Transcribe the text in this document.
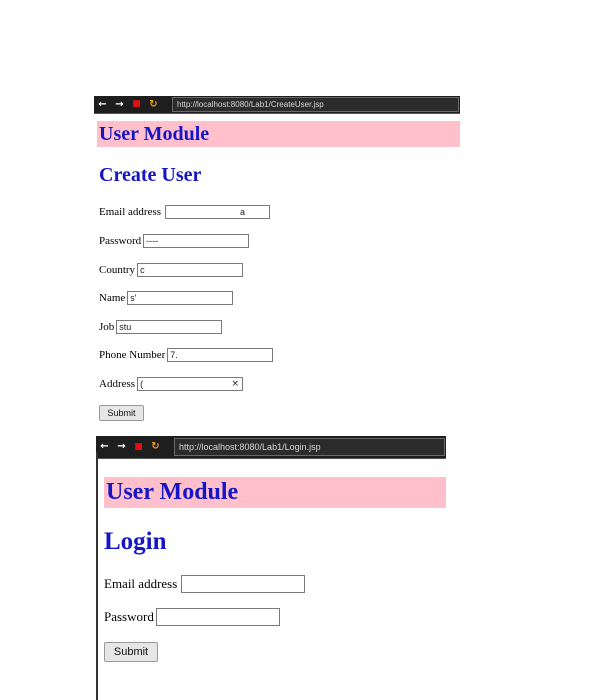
← → ■ ↻	http://localhost:8080/Lab1/CreateUser.jsp
User Module
Create User
Email address	a
Password ----
Country c
Name s'
Job stu
Phone Number 7.
Address (	×
Submit
← → ■ ↻	http://localhost:8080/Lab1/Login.jsp
User Module
Login
Email address
Password
Submit
